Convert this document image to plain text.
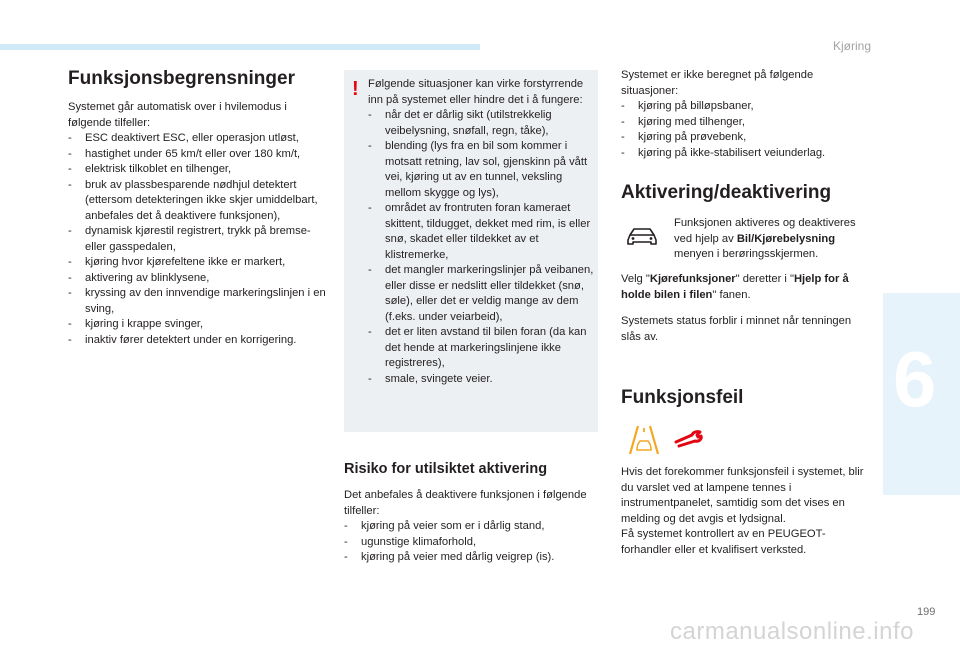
Kjøring
6
199
carmanualsonline.info
Funksjonsbegrensninger

Systemet går automatisk over i hvilemodus i følgende tilfeller:

- ESC deaktivert ESC, eller operasjon utløst,
- hastighet under 65 km/t eller over 180 km/t,
- elektrisk tilkoblet en tilhenger,
- bruk av plassbesparende nødhjul detektert (ettersom detekteringen ikke skjer umiddelbart, anbefales det å deaktivere funksjonen),
- dynamisk kjørestil registrert, trykk på bremse- eller gasspedalen,
- kjøring hvor kjørefeltene ikke er markert,
- aktivering av blinklysene,
- kryssing av den innvendige markeringslinjen i en sving,
- kjøring i krappe svinger,
- inaktiv fører detektert under en korrigering.
! Følgende situasjoner kan virke forstyrrende inn på systemet eller hindre det i å fungere:

- når det er dårlig sikt (utilstrekkelig veibelysning, snøfall, regn, tåke),
- blending (lys fra en bil som kommer i motsatt retning, lav sol, gjenskinn på vått vei, kjøring ut av en tunnel, veksling mellom skygge og lys),
- området av frontruten foran kameraet skittent, tildugget, dekket med rim, is eller snø, skadet eller tildekket av et klistremerke,
- det mangler markeringslinjer på veibanen, eller disse er nedslitt eller tildekket (snø, søle), eller det er veldig mange av dem (f.eks. under veiarbeid),
- det er liten avstand til bilen foran (da kan det hende at markeringslinjene ikke registreres),
- smale, svingete veier.
Risiko for utilsiktet aktivering

Det anbefales å deaktivere funksjonen i følgende tilfeller:

- kjøring på veier som er i dårlig stand,
- ugunstige klimaforhold,
- kjøring på veier med dårlig veigrep (is).

Systemet er ikke beregnet på følgende situasjoner:

- kjøring på billøpsbaner,
- kjøring med tilhenger,
- kjøring på prøvebenk,
- kjøring på ikke-stabilisert veiunderlag.
Aktivering/deaktivering

Funksjonen aktiveres og deaktiveres ved hjelp av Bil/Kjørebelysning menyen i berøringsskjermen.

Velg "Kjørefunksjoner" deretter i "Hjelp for å holde bilen i filen" fanen.

Systemets status forblir i minnet når tenningen slås av.

Funksjonsfeil

Hvis det forekommer funksjonsfeil i systemet, blir du varslet ved at lampene tennes i instrumentpanelet, samtidig som det vises en melding og det avgis et lydsignal.

Få systemet kontrollert av en PEUGEOT-forhandler eller et kvalifisert verksted.
